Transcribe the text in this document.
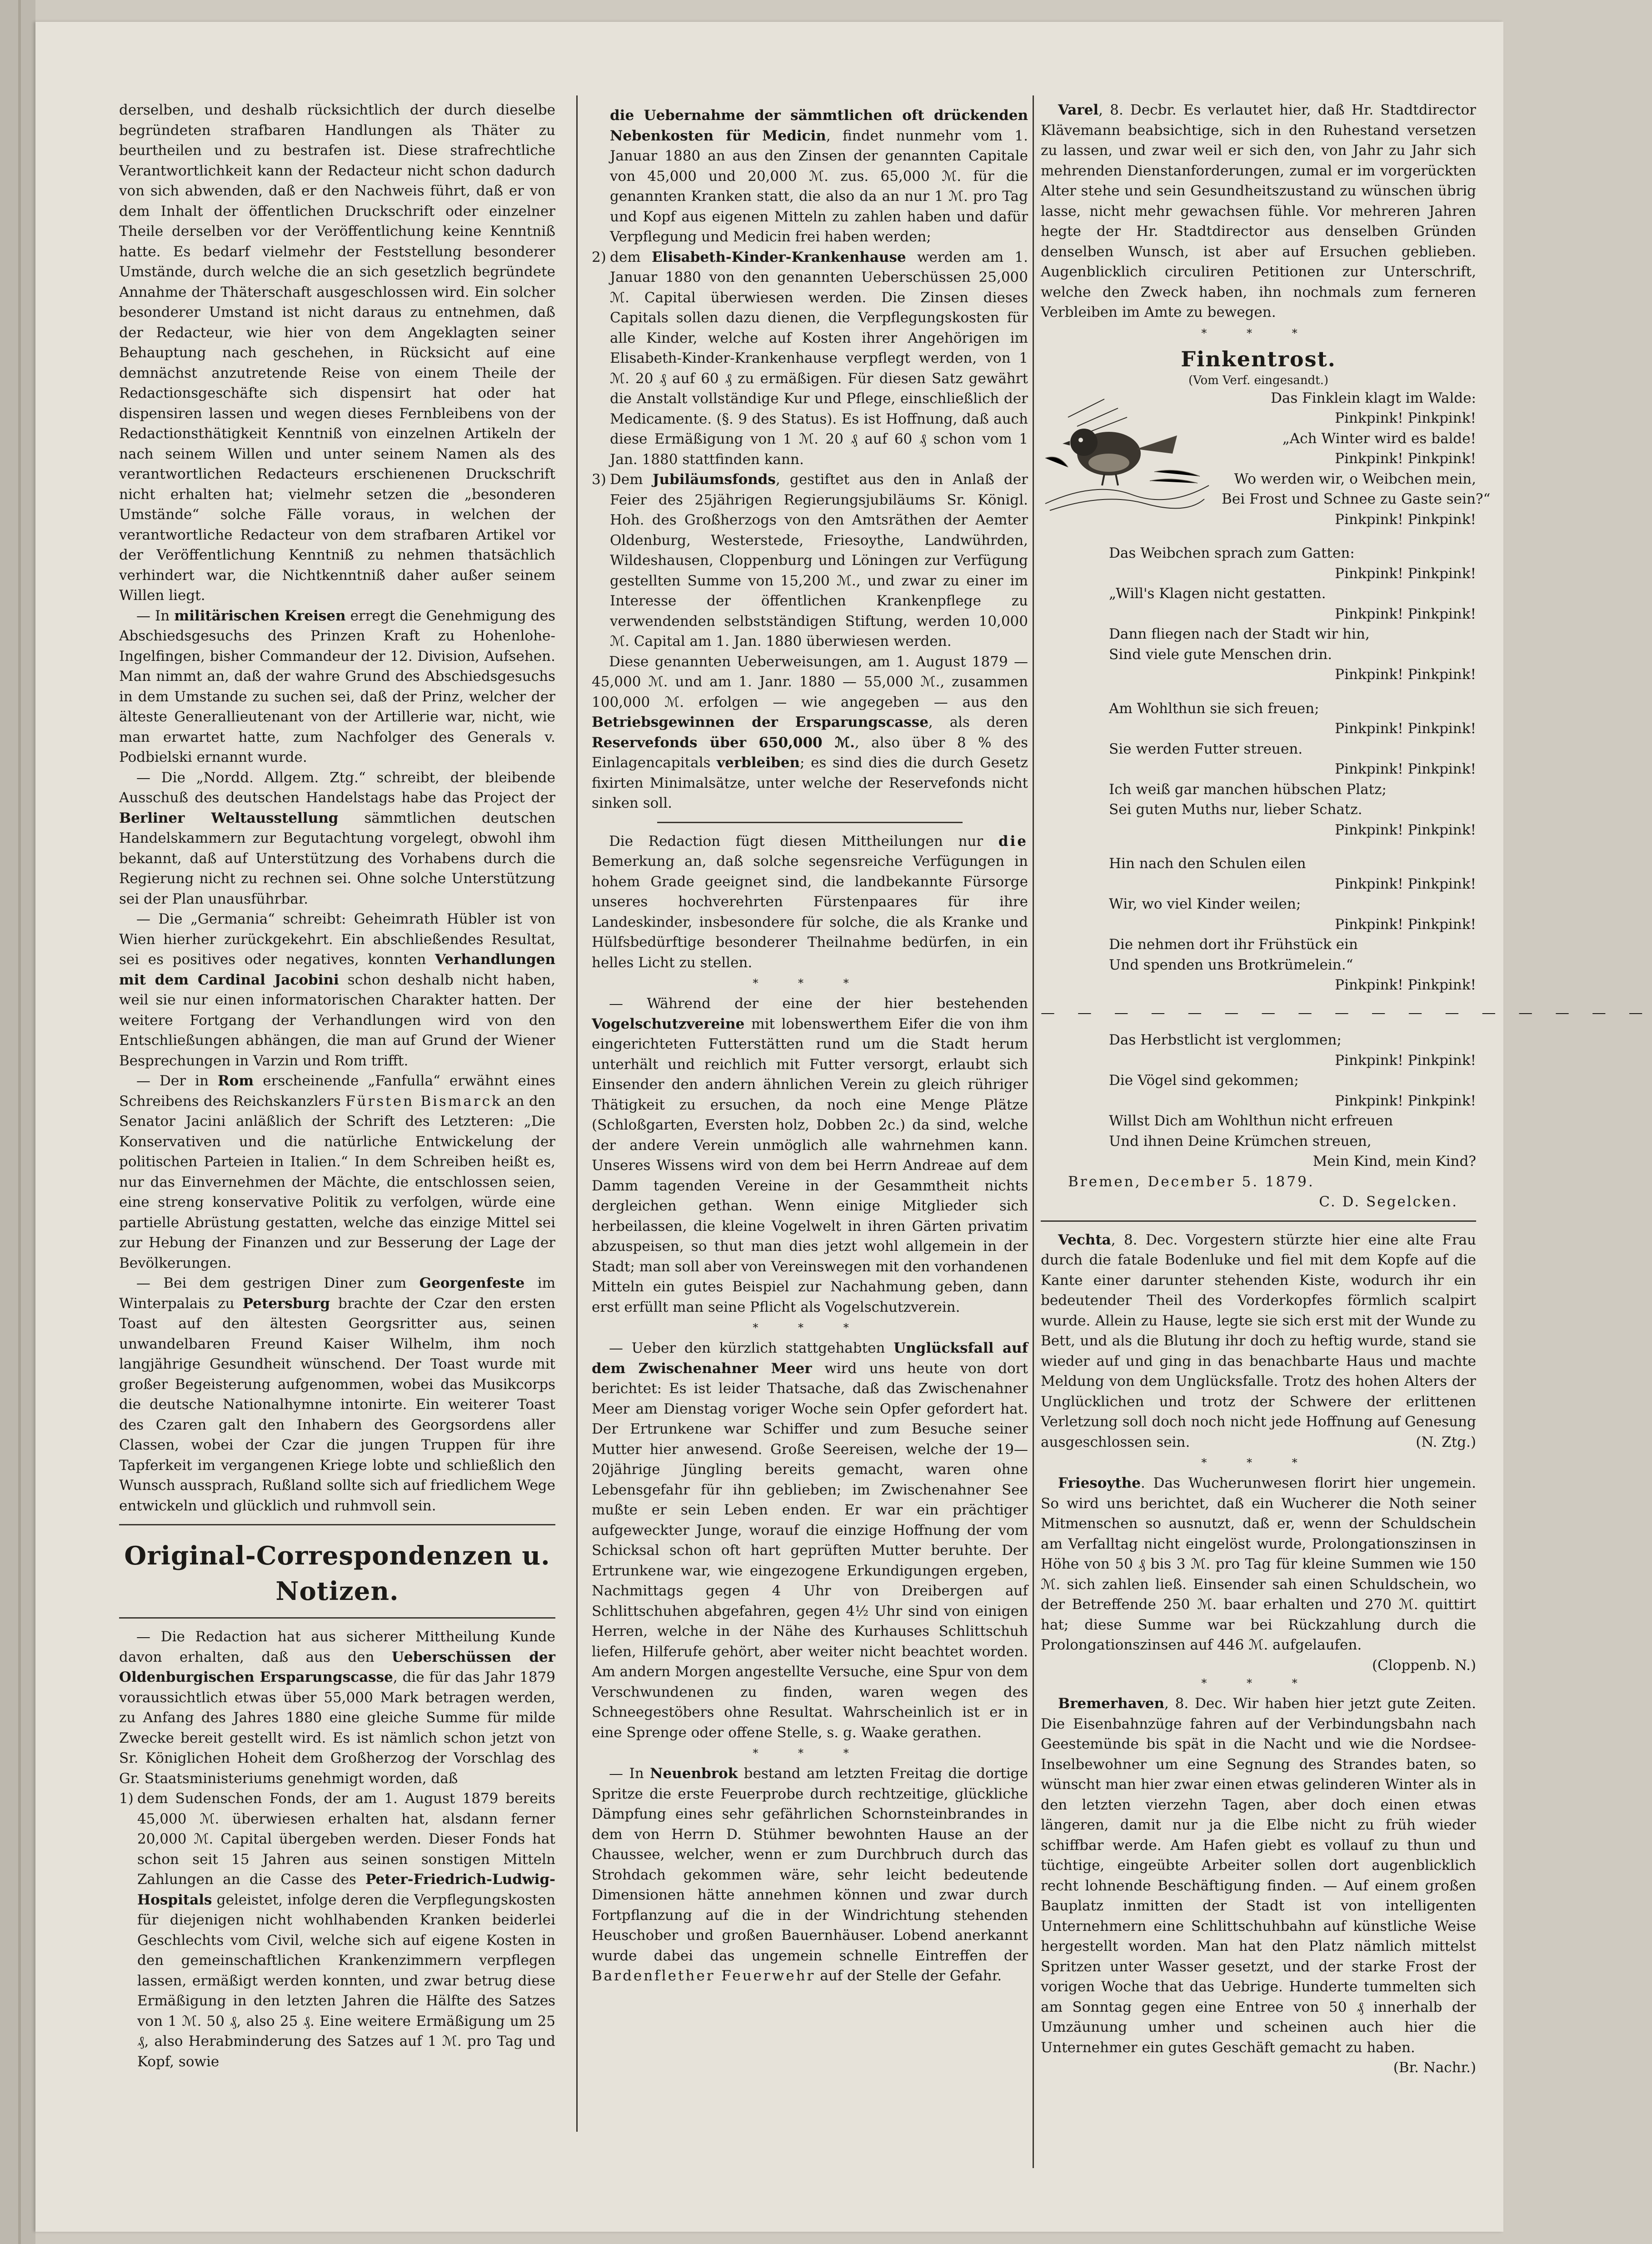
derselben, und deshalb rücksichtlich der durch dieselbe begründeten strafbaren Handlungen als Thäter zu beurtheilen und zu bestrafen ist. Diese strafrechtliche Verantwortlichkeit kann der Redacteur nicht schon dadurch von sich abwenden, daß er den Nachweis führt, daß er von dem Inhalt der öffentlichen Druckschrift oder einzelner Theile derselben vor der Veröffentlichung keine Kenntniß hatte. Es bedarf vielmehr der Feststellung besonderer Umstände, durch welche die an sich gesetzlich begründete Annahme der Thäterschaft ausgeschlossen wird. Ein solcher besonderer Umstand ist nicht daraus zu entnehmen, daß der Redacteur, wie hier von dem Angeklagten seiner Behauptung nach geschehen, in Rücksicht auf eine demnächst anzutretende Reise von einem Theile der Redactionsgeschäfte sich dispensirt hat oder hat dispensiren lassen und wegen dieses Fernbleibens von der Redactionsthätigkeit Kenntniß von einzelnen Artikeln der nach seinem Willen und unter seinem Namen als des verantwortlichen Redacteurs erschienenen Druckschrift nicht erhalten hat; vielmehr setzen die „besonderen Umstände“ solche Fälle voraus, in welchen der verantwortliche Redacteur von dem strafbaren Artikel vor der Veröffentlichung Kenntniß zu nehmen thatsächlich verhindert war, die Nichtkenntniß daher außer seinem Willen liegt.

— In militärischen Kreisen erregt die Genehmigung des Abschiedsgesuchs des Prinzen Kraft zu Hohenlohe-Ingelfingen, bisher Commandeur der 12. Division, Aufsehen. Man nimmt an, daß der wahre Grund des Abschiedsgesuchs in dem Umstande zu suchen sei, daß der Prinz, welcher der älteste Generallieutenant von der Artillerie war, nicht, wie man erwartet hatte, zum Nachfolger des Generals v. Podbielski ernannt wurde.

— Die „Nordd. Allgem. Ztg.“ schreibt, der bleibende Ausschuß des deutschen Handelstags habe das Project der Berliner Weltausstellung sämmtlichen deutschen Handelskammern zur Begutachtung vorgelegt, obwohl ihm bekannt, daß auf Unterstützung des Vorhabens durch die Regierung nicht zu rechnen sei. Ohne solche Unterstützung sei der Plan unausführbar.

— Die „Germania“ schreibt: Geheimrath Hübler ist von Wien hierher zurückgekehrt. Ein abschließendes Resultat, sei es positives oder negatives, konnten Verhandlungen mit dem Cardinal Jacobini schon deshalb nicht haben, weil sie nur einen informatorischen Charakter hatten. Der weitere Fortgang der Verhandlungen wird von den Entschließungen abhängen, die man auf Grund der Wiener Besprechungen in Varzin und Rom trifft.

— Der in Rom erscheinende „Fanfulla“ erwähnt eines Schreibens des Reichskanzlers Fürsten Bismarck an den Senator Jacini anläßlich der Schrift des Letzteren: „Die Konservativen und die natürliche Entwickelung der politischen Parteien in Italien.“ In dem Schreiben heißt es, nur das Einvernehmen der Mächte, die entschlossen seien, eine streng konservative Politik zu verfolgen, würde eine partielle Abrüstung gestatten, welche das einzige Mittel sei zur Hebung der Finanzen und zur Besserung der Lage der Bevölkerungen.

— Bei dem gestrigen Diner zum Georgenfeste im Winterpalais zu Petersburg brachte der Czar den ersten Toast auf den ältesten Georgsritter aus, seinen unwandelbaren Freund Kaiser Wilhelm, ihm noch langjährige Gesundheit wünschend. Der Toast wurde mit großer Begeisterung aufgenommen, wobei das Musikcorps die deutsche Nationalhymne intonirte. Ein weiterer Toast des Czaren galt den Inhabern des Georgsordens aller Classen, wobei der Czar die jungen Truppen für ihre Tapferkeit im vergangenen Kriege lobte und schließlich den Wunsch aussprach, Rußland sollte sich auf friedlichem Wege entwickeln und glücklich und ruhmvoll sein.

Original-Correspondenzen u. Notizen.

— Die Redaction hat aus sicherer Mittheilung Kunde davon erhalten, daß aus den Ueberschüssen der Oldenburgischen Ersparungscasse, die für das Jahr 1879 voraussichtlich etwas über 55,000 Mark betragen werden, zu Anfang des Jahres 1880 eine gleiche Summe für milde Zwecke bereit gestellt wird. Es ist nämlich schon jetzt von Sr. Königlichen Hoheit dem Großherzog der Vorschlag des Gr. Staatsministeriums genehmigt worden, daß

1) dem Sudenschen Fonds, der am 1. August 1879 bereits 45,000 ℳ. überwiesen erhalten hat, alsdann ferner 20,000 ℳ. Capital übergeben werden. Dieser Fonds hat schon seit 15 Jahren aus seinen sonstigen Mitteln Zahlungen an die Casse des Peter-Friedrich-Ludwig-Hospitals geleistet, infolge deren die Verpflegungskosten für diejenigen nicht wohlhabenden Kranken beiderlei Geschlechts vom Civil, welche sich auf eigene Kosten in den gemeinschaftlichen Krankenzimmern verpflegen lassen, ermäßigt werden konnten, und zwar betrug diese Ermäßigung in den letzten Jahren die Hälfte des Satzes von 1 ℳ. 50 ₰, also 25 ₰. Eine weitere Ermäßigung um 25 ₰, also Herabminderung des Satzes auf 1 ℳ. pro Tag und Kopf, sowie

die Uebernahme der sämmtlichen oft drückenden Nebenkosten für Medicin, findet nunmehr vom 1. Januar 1880 an aus den Zinsen der genannten Capitale von 45,000 und 20,000 ℳ. zus. 65,000 ℳ. für die genannten Kranken statt, die also da an nur 1 ℳ. pro Tag und Kopf aus eigenen Mitteln zu zahlen haben und dafür Verpflegung und Medicin frei haben werden;

2) dem Elisabeth-Kinder-Krankenhause werden am 1. Januar 1880 von den genannten Ueberschüssen 25,000 ℳ. Capital überwiesen werden. Die Zinsen dieses Capitals sollen dazu dienen, die Verpflegungskosten für alle Kinder, welche auf Kosten ihrer Angehörigen im Elisabeth-Kinder-Krankenhause verpflegt werden, von 1 ℳ. 20 ₰ auf 60 ₰ zu ermäßigen. Für diesen Satz gewährt die Anstalt vollständige Kur und Pflege, einschließlich der Medicamente. (§. 9 des Status). Es ist Hoffnung, daß auch diese Ermäßigung von 1 ℳ. 20 ₰ auf 60 ₰ schon vom 1 Jan. 1880 stattfinden kann.

3) Dem Jubiläumsfonds, gestiftet aus den in Anlaß der Feier des 25jährigen Regierungsjubiläums Sr. Königl. Hoh. des Großherzogs von den Amtsräthen der Aemter Oldenburg, Westerstede, Friesoythe, Landwührden, Wildeshausen, Cloppenburg und Löningen zur Verfügung gestellten Summe von 15,200 ℳ., und zwar zu einer im Interesse der öffentlichen Krankenpflege zu verwendenden selbstständigen Stiftung, werden 10,000 ℳ. Capital am 1. Jan. 1880 überwiesen werden.

Diese genannten Ueberweisungen, am 1. August 1879 — 45,000 ℳ. und am 1. Janr. 1880 — 55,000 ℳ., zusammen 100,000 ℳ. erfolgen — wie angegeben — aus den Betriebsgewinnen der Ersparungscasse, als deren Reservefonds über 650,000 ℳ., also über 8 % des Einlagencapitals verbleiben; es sind dies die durch Gesetz fixirten Minimalsätze, unter welche der Reservefonds nicht sinken soll.

Die Redaction fügt diesen Mittheilungen nur die Bemerkung an, daß solche segensreiche Verfügungen in hohem Grade geeignet sind, die landbekannte Fürsorge unseres hochverehrten Fürstenpaares für ihre Landeskinder, insbesondere für solche, die als Kranke und Hülfsbedürftige besonderer Theilnahme bedürfen, in ein helles Licht zu stellen.

* * *

— Während der eine der hier bestehenden Vogelschutzvereine mit lobenswerthem Eifer die von ihm eingerichteten Futterstätten rund um die Stadt herum unterhält und reichlich mit Futter versorgt, erlaubt sich Einsender den andern ähnlichen Verein zu gleich rühriger Thätigkeit zu ersuchen, da noch eine Menge Plätze (Schloßgarten, Eversten holz, Dobben 2c.) da sind, welche der andere Verein unmöglich alle wahrnehmen kann. Unseres Wissens wird von dem bei Herrn Andreae auf dem Damm tagenden Vereine in der Gesammtheit nichts dergleichen gethan. Wenn einige Mitglieder sich herbeilassen, die kleine Vogelwelt in ihren Gärten privatim abzuspeisen, so thut man dies jetzt wohl allgemein in der Stadt; man soll aber von Vereinswegen mit den vorhandenen Mitteln ein gutes Beispiel zur Nachahmung geben, dann erst erfüllt man seine Pflicht als Vogelschutzverein.

* * *

— Ueber den kürzlich stattgehabten Unglücksfall auf dem Zwischenahner Meer wird uns heute von dort berichtet: Es ist leider Thatsache, daß das Zwischenahner Meer am Dienstag voriger Woche sein Opfer gefordert hat. Der Ertrunkene war Schiffer und zum Besuche seiner Mutter hier anwesend. Große Seereisen, welche der 19—20jährige Jüngling bereits gemacht, waren ohne Lebensgefahr für ihn geblieben; im Zwischenahner See mußte er sein Leben enden. Er war ein prächtiger aufgeweckter Junge, worauf die einzige Hoffnung der vom Schicksal schon oft hart geprüften Mutter beruhte. Der Ertrunkene war, wie eingezogene Erkundigungen ergeben, Nachmittags gegen 4 Uhr von Dreibergen auf Schlittschuhen abgefahren, gegen 4½ Uhr sind von einigen Herren, welche in der Nähe des Kurhauses Schlittschuh liefen, Hilferufe gehört, aber weiter nicht beachtet worden. Am andern Morgen angestellte Versuche, eine Spur von dem Verschwundenen zu finden, waren wegen des Schneegestöbers ohne Resultat. Wahrscheinlich ist er in eine Sprenge oder offene Stelle, s. g. Waake gerathen.

* * *

— In Neuenbrok bestand am letzten Freitag die dortige Spritze die erste Feuerprobe durch rechtzeitige, glückliche Dämpfung eines sehr gefährlichen Schornsteinbrandes in dem von Herrn D. Stühmer bewohnten Hause an der Chaussee, welcher, wenn er zum Durchbruch durch das Strohdach gekommen wäre, sehr leicht bedeutende Dimensionen hätte annehmen können und zwar durch Fortpflanzung auf die in der Windrichtung stehenden Heuschober und großen Bauernhäuser. Lobend anerkannt wurde dabei das ungemein schnelle Eintreffen der Bardenflether Feuerwehr auf der Stelle der Gefahr.

Varel, 8. Decbr. Es verlautet hier, daß Hr. Stadtdirector Klävemann beabsichtige, sich in den Ruhestand versetzen zu lassen, und zwar weil er sich den, von Jahr zu Jahr sich mehrenden Dienstanforderungen, zumal er im vorgerückten Alter stehe und sein Gesundheitszustand zu wünschen übrig lasse, nicht mehr gewachsen fühle. Vor mehreren Jahren hegte der Hr. Stadtdirector aus denselben Gründen denselben Wunsch, ist aber auf Ersuchen geblieben. Augenblicklich circuliren Petitionen zur Unterschrift, welche den Zweck haben, ihn nochmals zum ferneren Verbleiben im Amte zu bewegen.

* * *
Finkentrost.
(Vom Verf. eingesandt.)
Das Finklein klagt im Walde:
Pinkpink! Pinkpink!
„Ach Winter wird es balde!
Pinkpink! Pinkpink!
Wo werden wir, o Weibchen mein,
Bei Frost und Schnee zu Gaste sein?“
Pinkpink! Pinkpink!
Das Weibchen sprach zum Gatten:
Pinkpink! Pinkpink!
„Will's Klagen nicht gestatten.
Pinkpink! Pinkpink!
Dann fliegen nach der Stadt wir hin,
Sind viele gute Menschen drin.
Pinkpink! Pinkpink!
Am Wohlthun sie sich freuen;
Pinkpink! Pinkpink!
Sie werden Futter streuen.
Pinkpink! Pinkpink!
Ich weiß gar manchen hübschen Platz;
Sei guten Muths nur, lieber Schatz.
Pinkpink! Pinkpink!
Hin nach den Schulen eilen
Pinkpink! Pinkpink!
Wir, wo viel Kinder weilen;
Pinkpink! Pinkpink!
Die nehmen dort ihr Frühstück ein
Und spenden uns Brotkrümelein.“
Pinkpink! Pinkpink!
— — — — — — — — — — — — — — — — —
Das Herbstlicht ist verglommen;
Pinkpink! Pinkpink!
Die Vögel sind gekommen;
Pinkpink! Pinkpink!
Willst Dich am Wohlthun nicht erfreuen
Und ihnen Deine Krümchen streuen,
Mein Kind, mein Kind?
Bremen, December 5. 1879.
C. D. Segelcken.

Vechta, 8. Dec. Vorgestern stürzte hier eine alte Frau durch die fatale Bodenluke und fiel mit dem Kopfe auf die Kante einer darunter stehenden Kiste, wodurch ihr ein bedeutender Theil des Vorderkopfes förmlich scalpirt wurde. Allein zu Hause, legte sie sich erst mit der Wunde zu Bett, und als die Blutung ihr doch zu heftig wurde, stand sie wieder auf und ging in das benachbarte Haus und machte Meldung von dem Unglücksfalle. Trotz des hohen Alters der Unglücklichen und trotz der Schwere der erlittenen Verletzung soll doch noch nicht jede Hoffnung auf Genesung ausgeschlossen sein.	(N. Ztg.)

* * *

Friesoythe. Das Wucherunwesen florirt hier ungemein. So wird uns berichtet, daß ein Wucherer die Noth seiner Mitmenschen so ausnutzt, daß er, wenn der Schuldschein am Verfalltag nicht eingelöst wurde, Prolongationszinsen in Höhe von 50 ₰ bis 3 ℳ. pro Tag für kleine Summen wie 150 ℳ. sich zahlen ließ. Einsender sah einen Schuldschein, wo der Betreffende 250 ℳ. baar erhalten und 270 ℳ. quittirt hat; diese Summe war bei Rückzahlung durch die Prolongationszinsen auf 446 ℳ. aufgelaufen.
(Cloppenb. N.)

* * *

Bremerhaven, 8. Dec. Wir haben hier jetzt gute Zeiten. Die Eisenbahnzüge fahren auf der Verbindungsbahn nach Geestemünde bis spät in die Nacht und wie die Nordsee-Inselbewohner um eine Segnung des Strandes baten, so wünscht man hier zwar einen etwas gelinderen Winter als in den letzten vierzehn Tagen, aber doch einen etwas längeren, damit nur ja die Elbe nicht zu früh wieder schiffbar werde. Am Hafen giebt es vollauf zu thun und tüchtige, eingeübte Arbeiter sollen dort augenblicklich recht lohnende Beschäftigung finden. — Auf einem großen Bauplatz inmitten der Stadt ist von intelligenten Unternehmern eine Schlittschuhbahn auf künstliche Weise hergestellt worden. Man hat den Platz nämlich mittelst Spritzen unter Wasser gesetzt, und der starke Frost der vorigen Woche that das Uebrige. Hunderte tummelten sich am Sonntag gegen eine Entree von 50 ₰ innerhalb der Umzäunung umher und scheinen auch hier die Unternehmer ein gutes Geschäft gemacht zu haben.
(Br. Nachr.)
